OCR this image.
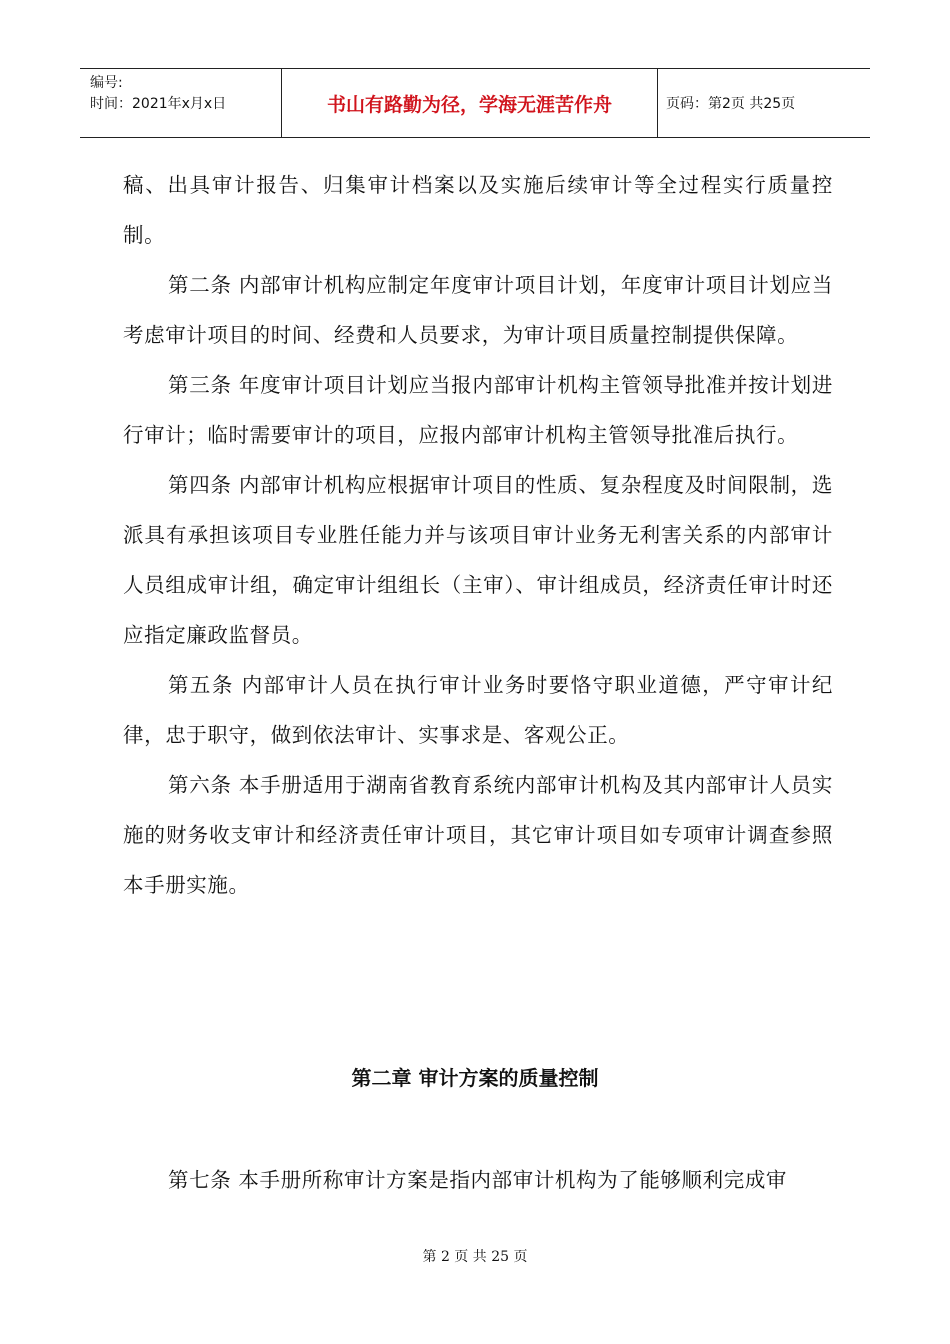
编号:
时间：2021年x月x日	书山有路勤为径，学海无涯苦作舟	页码：第2页 共25页

稿、出具审计报告、归集审计档案以及实施后续审计等全过程实行质量控制。

第二条 内部审计机构应制定年度审计项目计划，年度审计项目计划应当考虑审计项目的时间、经费和人员要求，为审计项目质量控制提供保障。

第三条 年度审计项目计划应当报内部审计机构主管领导批准并按计划进行审计；临时需要审计的项目，应报内部审计机构主管领导批准后执行。

第四条 内部审计机构应根据审计项目的性质、复杂程度及时间限制，选派具有承担该项目专业胜任能力并与该项目审计业务无利害关系的内部审计人员组成审计组，确定审计组组长（主审）、审计组成员，经济责任审计时还应指定廉政监督员。

第五条 内部审计人员在执行审计业务时要恪守职业道德，严守审计纪律，忠于职守，做到依法审计、实事求是、客观公正。

第六条 本手册适用于湖南省教育系统内部审计机构及其内部审计人员实施的财务收支审计和经济责任审计项目，其它审计项目如专项审计调查参照本手册实施。

第二章 审计方案的质量控制

第七条 本手册所称审计方案是指内部审计机构为了能够顺利完成审

第 2 页 共 25 页
